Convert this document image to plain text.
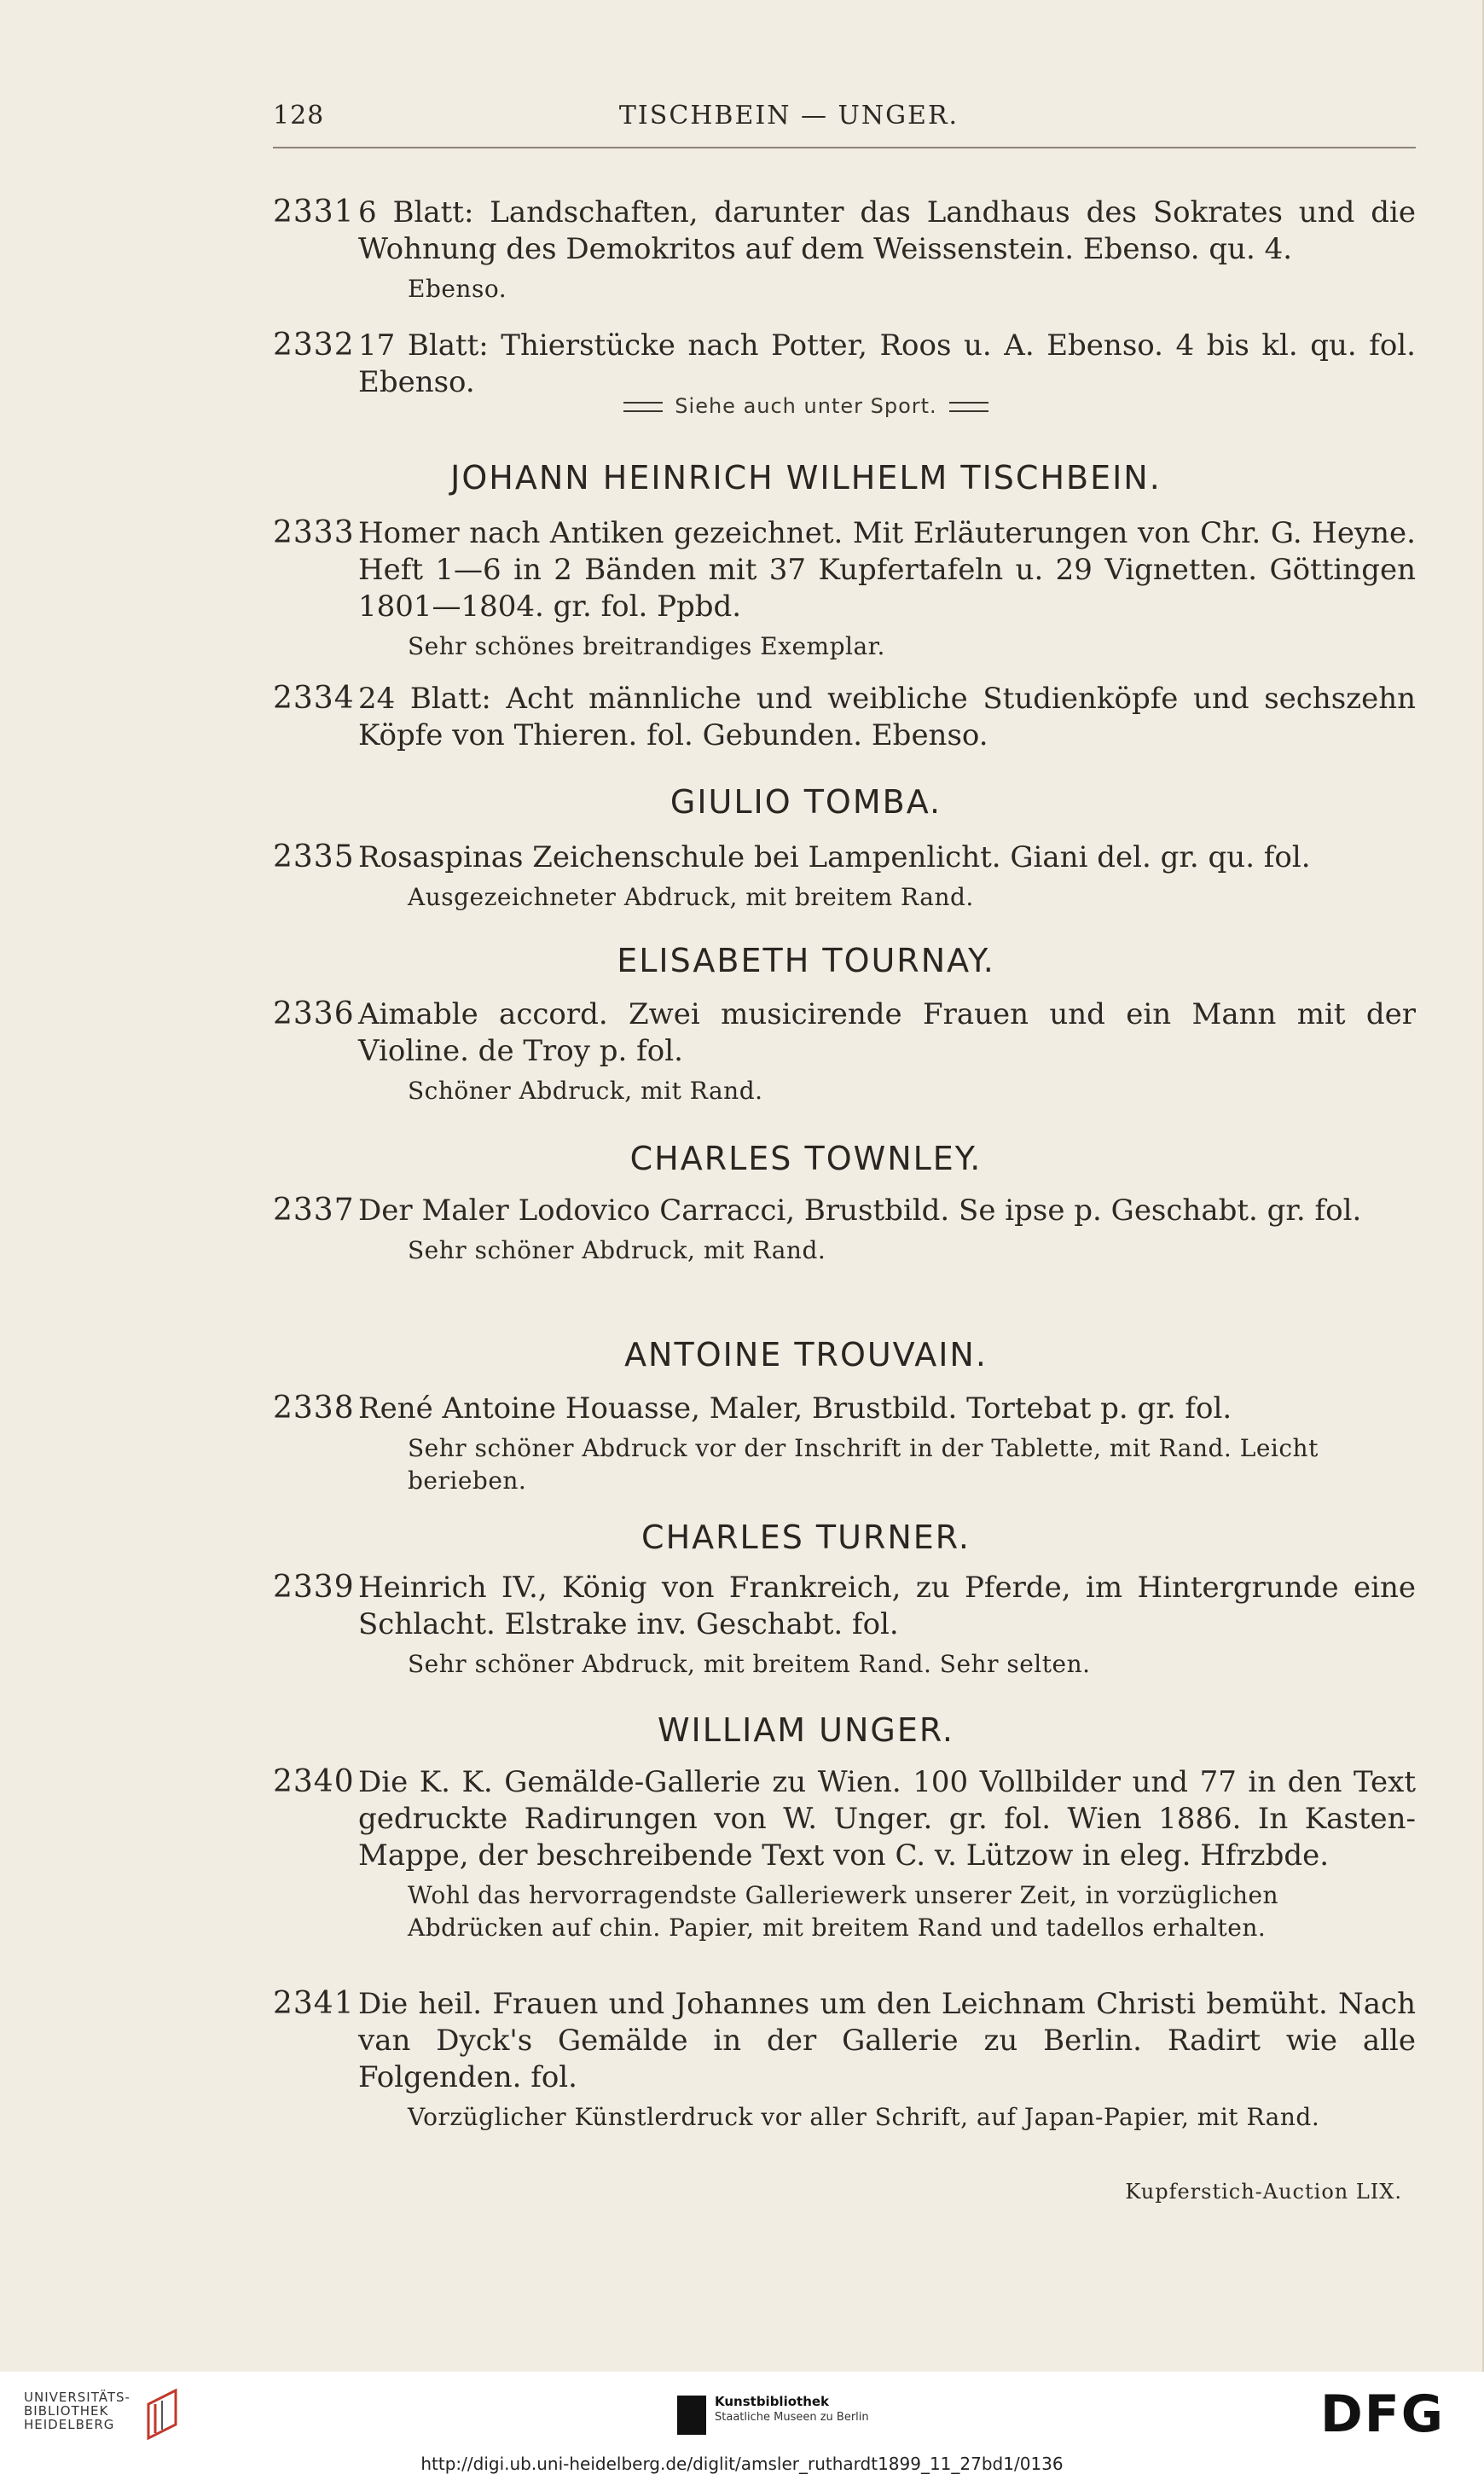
128	TISCHBEIN — UNGER.
2331 6 Blatt: Landschaften, darunter das Landhaus des Sokrates und die Wohnung des Demokritos auf dem Weissenstein. Ebenso. qu. 4.
Ebenso.
2332 17 Blatt: Thierstücke nach Potter, Roos u. A. Ebenso. 4 bis kl. qu. fol. Ebenso.
Siehe auch unter Sport.
JOHANN HEINRICH WILHELM TISCHBEIN.
2333 Homer nach Antiken gezeichnet. Mit Erläuterungen von Chr. G. Heyne. Heft 1—6 in 2 Bänden mit 37 Kupfertafeln u. 29 Vignetten. Göttingen 1801—1804. gr. fol. Ppbd.
Sehr schönes breitrandiges Exemplar.
2334 24 Blatt: Acht männliche und weibliche Studienköpfe und sechszehn Köpfe von Thieren. fol. Gebunden. Ebenso.
GIULIO TOMBA.
2335 Rosaspinas Zeichenschule bei Lampenlicht. Giani del. gr. qu. fol.
Ausgezeichneter Abdruck, mit breitem Rand.
ELISABETH TOURNAY.
2336 Aimable accord. Zwei musicirende Frauen und ein Mann mit der Violine. de Troy p. fol.
Schöner Abdruck, mit Rand.
CHARLES TOWNLEY.
2337 Der Maler Lodovico Carracci, Brustbild. Se ipse p. Geschabt. gr. fol.
Sehr schöner Abdruck, mit Rand.
ANTOINE TROUVAIN.
2338 René Antoine Houasse, Maler, Brustbild. Tortebat p. gr. fol.
Sehr schöner Abdruck vor der Inschrift in der Tablette, mit Rand. Leicht berieben.
CHARLES TURNER.
2339 Heinrich IV., König von Frankreich, zu Pferde, im Hintergrunde eine Schlacht. Elstrake inv. Geschabt. fol.
Sehr schöner Abdruck, mit breitem Rand. Sehr selten.
WILLIAM UNGER.
2340 Die K. K. Gemälde-Gallerie zu Wien. 100 Vollbilder und 77 in den Text gedruckte Radirungen von W. Unger. gr. fol. Wien 1886. In Kasten-Mappe, der beschreibende Text von C. v. Lützow in eleg. Hfrzbde.
Wohl das hervorragendste Galleriewerk unserer Zeit, in vorzüglichen Abdrücken auf chin. Papier, mit breitem Rand und tadellos erhalten.
2341 Die heil. Frauen und Johannes um den Leichnam Christi bemüht. Nach van Dyck's Gemälde in der Gallerie zu Berlin. Radirt wie alle Folgenden. fol.
Vorzüglicher Künstlerdruck vor aller Schrift, auf Japan-Papier, mit Rand.
Kupferstich-Auction LIX.
UNIVERSITÄTS-
BIBLIOTHEK
HEIDELBERG
Kunstbibliothek
Staatliche Museen zu Berlin	DFG
http://digi.ub.uni-heidelberg.de/diglit/amsler_ruthardt1899_11_27bd1/0136
